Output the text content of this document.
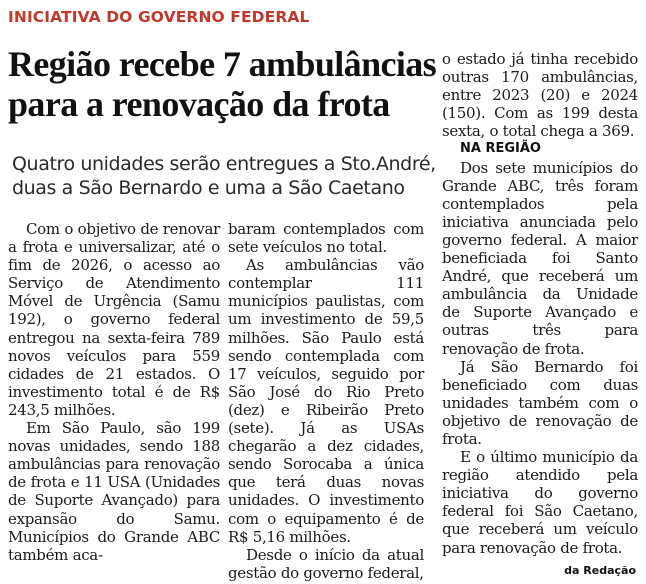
INICIATIVA DO GOVERNO FEDERAL
Região recebe 7 ambulâncias
para a renovação da frota
Quatro unidades serão entregues a Sto.André,
duas a São Bernardo e uma a São Caetano

Com o objetivo de renovar a frota e universalizar, até o fim de 2026, o acesso ao Serviço de Atendimento Móvel de Urgência (Samu 192), o governo federal entregou na sexta-feira 789 novos veículos para 559 cidades de 21 estados. O investimento total é de R$ 243,5 milhões.

Em São Paulo, são 199 novas unidades, sendo 188 ambulâncias para renovação de frota e 11 USA (Unidades de Suporte Avançado) para expansão do Samu. Municípios do Grande ABC também aca-

baram contemplados com sete veículos no total.

As ambulâncias vão contemplar 111 municípios paulistas, com um investimento de 59,5 milhões. São Paulo está sendo contemplada com 17 veículos, seguido por São José do Rio Preto (dez) e Ribeirão Preto (sete). Já as USAs chegarão a dez cidades, sendo Sorocaba a única que terá duas novas unidades. O investimento com o equipamento é de R$ 5,16 milhões.

Desde o início da atual gestão do governo federal,

o estado já tinha recebido outras 170 ambulâncias, entre 2023 (20) e 2024 (150). Com as 199 desta sexta, o total chega a 369.

NA REGIÃO

Dos sete municípios do Grande ABC, três foram contemplados pela iniciativa anunciada pelo governo federal. A maior beneficiada foi Santo André, que receberá um ambulância da Unidade de Suporte Avançado e outras três para renovação de frota.

Já São Bernardo foi beneficiado com duas unidades também com o objetivo de renovação de frota.

E o último município da região atendido pela iniciativa do governo federal foi São Caetano, que receberá um veículo para renovação de frota.

da Redação
